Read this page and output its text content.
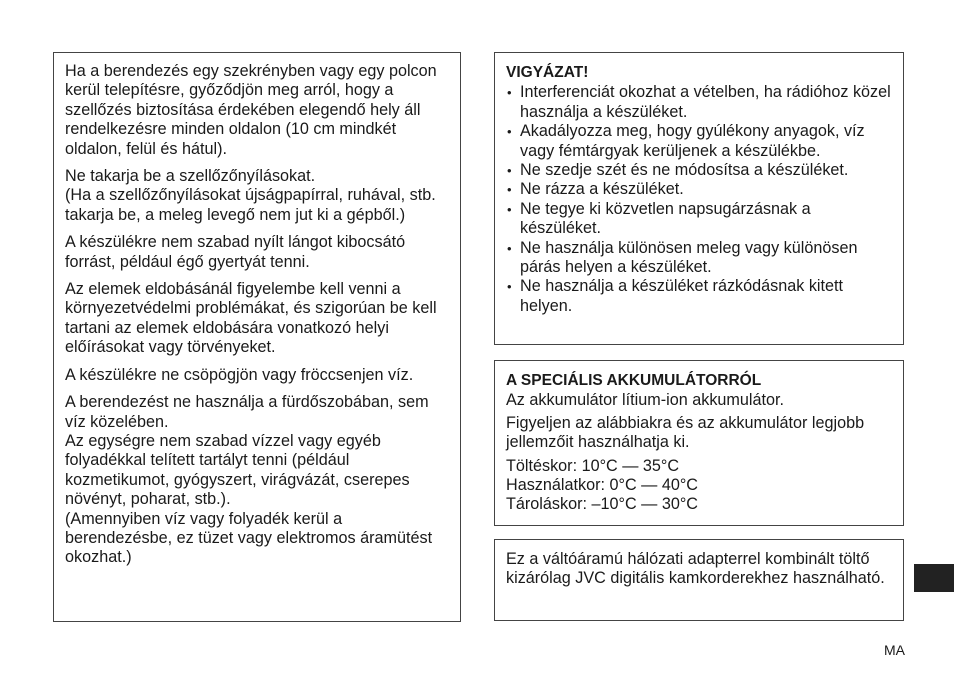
Ha a berendezés egy szekrényben vagy egy polcon kerül telepítésre, győződjön meg arról, hogy a szellőzés biztosítása érdekében elegendő hely áll rendelkezésre minden oldalon (10 cm mindkét oldalon, felül és hátul).

Ne takarja be a szellőzőnyílásokat.

(Ha a szellőzőnyílásokat újságpapírral, ruhával, stb. takarja be, a meleg levegő nem jut ki a gépből.)

A készülékre nem szabad nyílt lángot kibocsátó forrást, például égő gyertyát tenni.

Az elemek eldobásánál figyelembe kell venni a környezetvédelmi problémákat, és szigorúan be kell tartani az elemek eldobására vonatkozó helyi előírásokat vagy törvényeket.

A készülékre ne csöpögjön vagy fröccsenjen víz.

A berendezést ne használja a fürdőszobában, sem víz közelében.

Az egységre nem szabad vízzel vagy egyéb folyadékkal telített tartályt tenni (például kozmetikumot, gyógyszert, virágvázát, cserepes növényt, poharat, stb.).

(Amennyiben víz vagy folyadék kerül a berendezésbe, ez tüzet vagy elektromos áramütést okozhat.)

VIGYÁZAT!
• Interferenciát okozhat a vételben, ha rádióhoz közel használja a készüléket.
• Akadályozza meg, hogy gyúlékony anyagok, víz vagy fémtárgyak kerüljenek a készülékbe.
• Ne szedje szét és ne módosítsa a készüléket.
• Ne rázza a készüléket.
• Ne tegye ki közvetlen napsugárzásnak a készüléket.
• Ne használja különösen meleg vagy különösen párás helyen a készüléket.
• Ne használja a készüléket rázkódásnak kitett helyen.
A SPECIÁLIS AKKUMULÁTORRÓL

Az akkumulátor lítium-ion akkumulátor.

Figyeljen az alábbiakra és az akkumulátor legjobb jellemzőit használhatja ki.

Töltéskor: 10°C — 35°C
Használatkor: 0°C — 40°C
Tároláskor: –10°C — 30°C

Ez a váltóáramú hálózati adapterrel kombinált töltő kizárólag JVC digitális kamkorderekhez használható.

MA
